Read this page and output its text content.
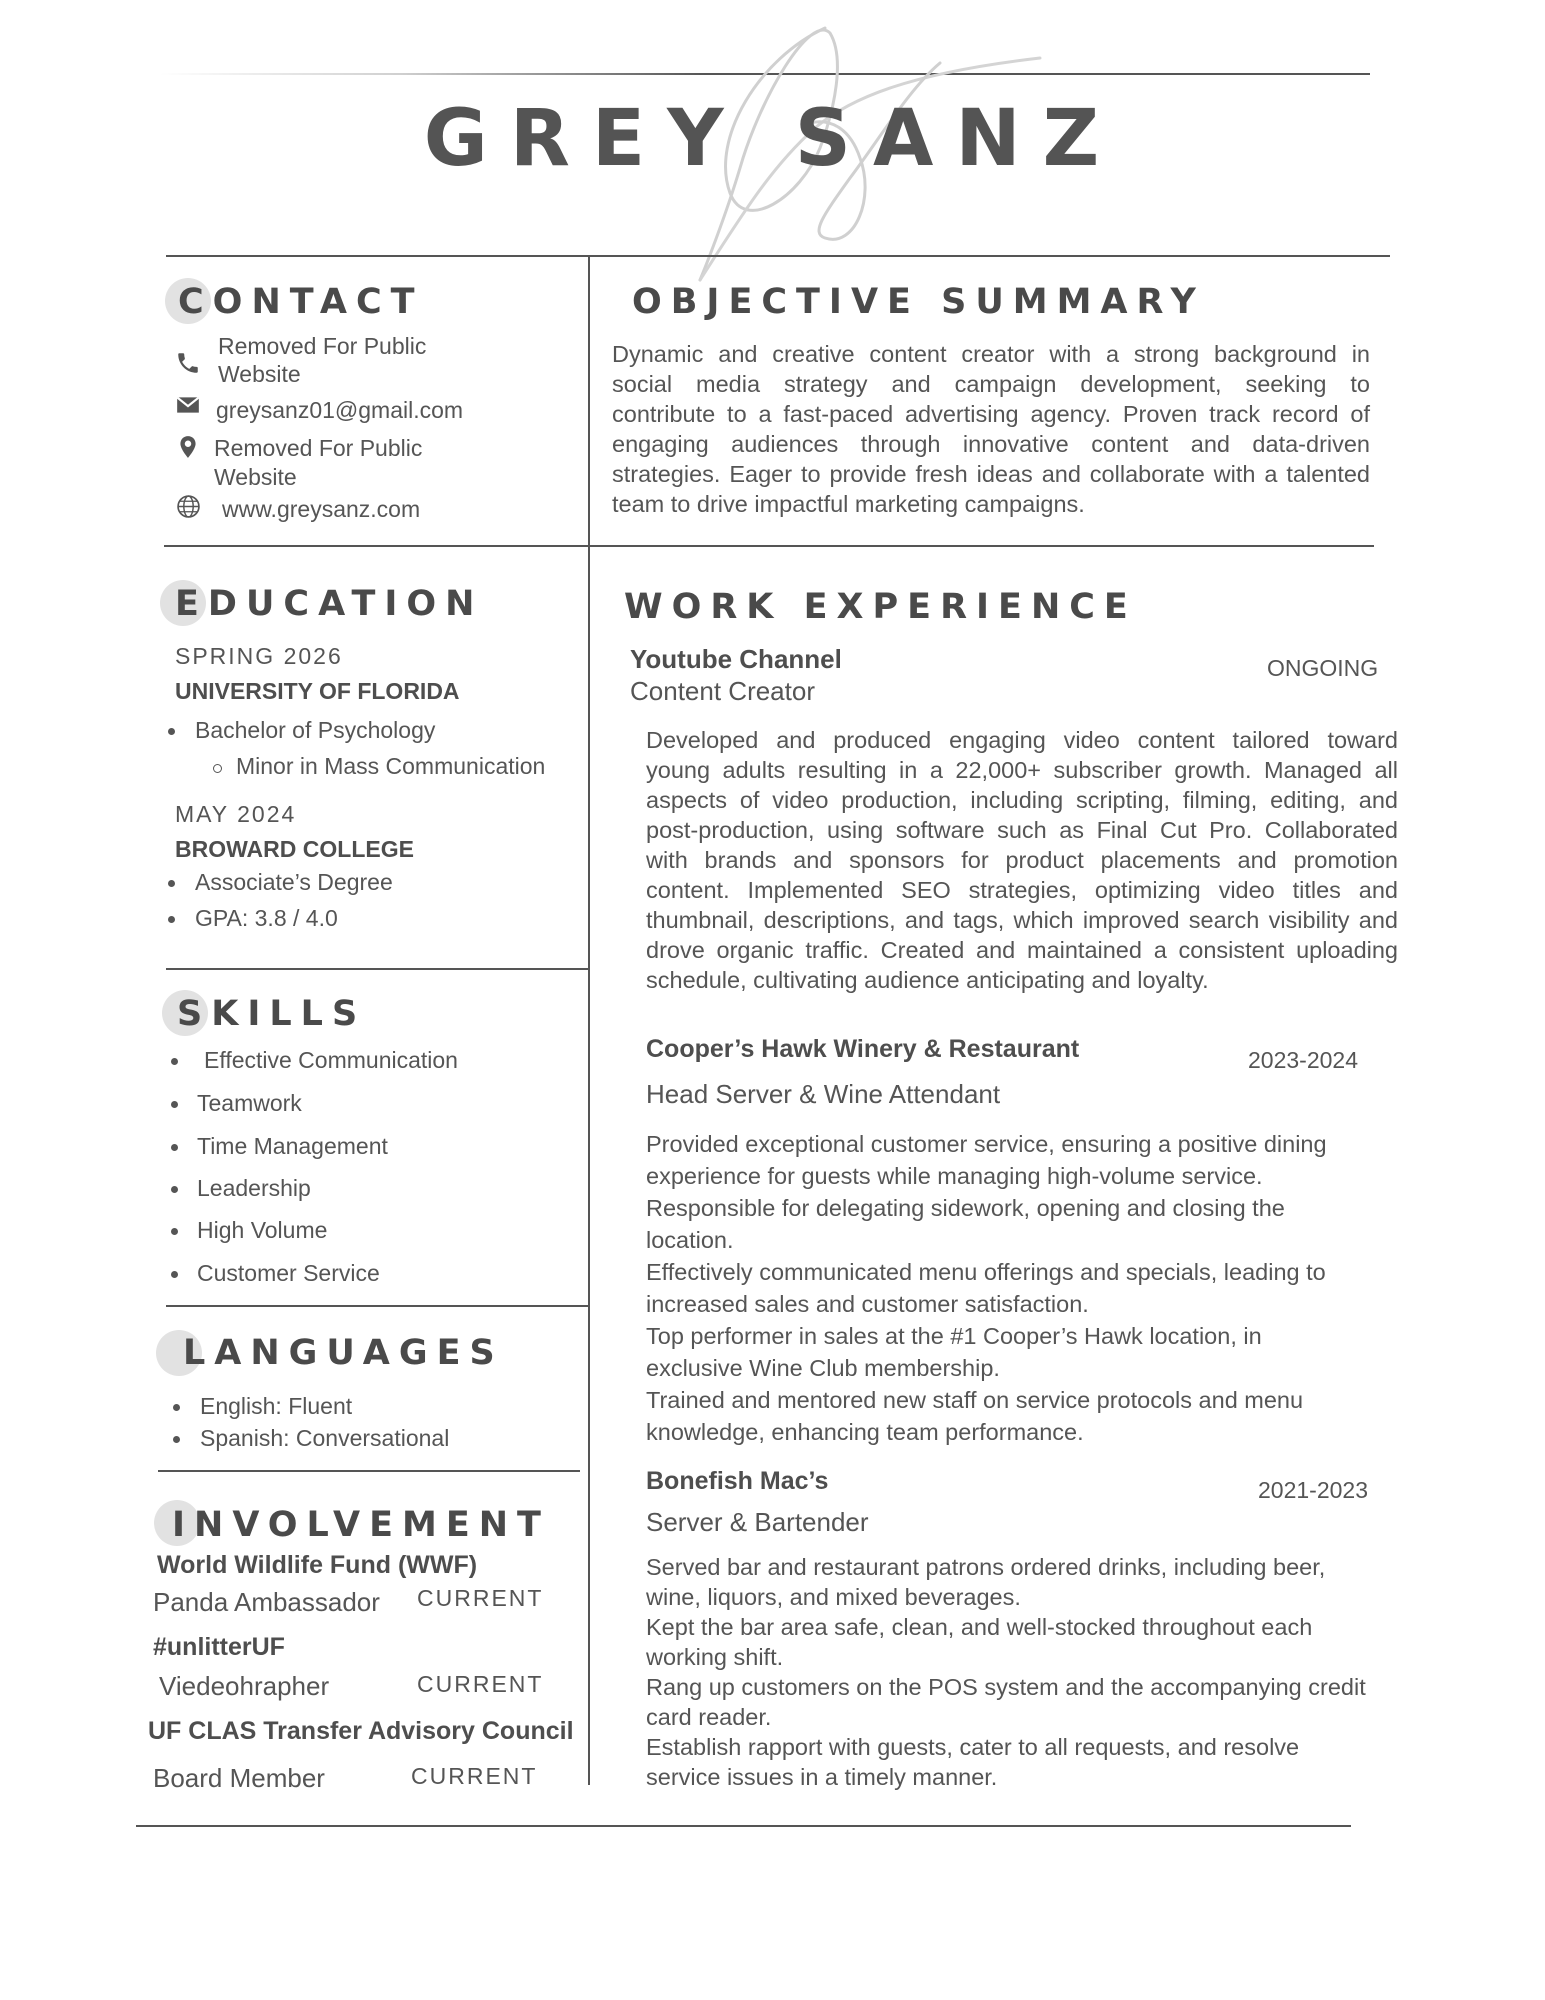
GREY SANZ
CONTACT
Removed For Public
Website
greysanz01@gmail.com
Removed For Public
Website
www.greysanz.com
OBJECTIVE SUMMARY
Dynamic and creative content creator with a strong background in
social media strategy and campaign development, seeking to
contribute to a fast-paced advertising agency. Proven track record of
engaging audiences through innovative content and data-driven
strategies. Eager to provide fresh ideas and collaborate with a talented
team to drive impactful marketing campaigns.
EDUCATION
SPRING 2026
UNIVERSITY OF FLORIDA
Bachelor of Psychology
Minor in Mass Communication
MAY 2024
BROWARD COLLEGE
Associate’s Degree
GPA: 3.8 / 4.0
SKILLS
Effective Communication
Teamwork
Time Management
Leadership
High Volume
Customer Service
LANGUAGES
English: Fluent
Spanish: Conversational
INVOLVEMENT
World Wildlife Fund (WWF)
Panda Ambassador CURRENT
#unlitterUF
Viedeohrapher	CURRENT
UF CLAS Transfer Advisory Council
Board Member	CURRENT
WORK EXPERIENCE
Youtube Channel
Content Creator
ONGOING
Developed and produced engaging video content tailored toward
young adults resulting in a 22,000+ subscriber growth. Managed all
aspects of video production, including scripting, filming, editing, and
post-production, using software such as Final Cut Pro. Collaborated
with brands and sponsors for product placements and promotion
content. Implemented SEO strategies, optimizing video titles and
thumbnail, descriptions, and tags, which improved search visibility and
drove organic traffic. Created and maintained a consistent uploading
schedule, cultivating audience anticipating and loyalty.
Cooper’s Hawk Winery & Restaurant
Head Server & Wine Attendant
2023-2024
Provided exceptional customer service, ensuring a positive dining
experience for guests while managing high-volume service.
Responsible for delegating sidework, opening and closing the
location.
Effectively communicated menu offerings and specials, leading to
increased sales and customer satisfaction.
Top performer in sales at the #1 Cooper’s Hawk location, in
exclusive Wine Club membership.
Trained and mentored new staff on service protocols and menu
knowledge, enhancing team performance.
Bonefish Mac’s
Server & Bartender
2021-2023
Served bar and restaurant patrons ordered drinks, including beer,
wine, liquors, and mixed beverages.
Kept the bar area safe, clean, and well-stocked throughout each
working shift.
Rang up customers on the POS system and the accompanying credit
card reader.
Establish rapport with guests, cater to all requests, and resolve
service issues in a timely manner.
